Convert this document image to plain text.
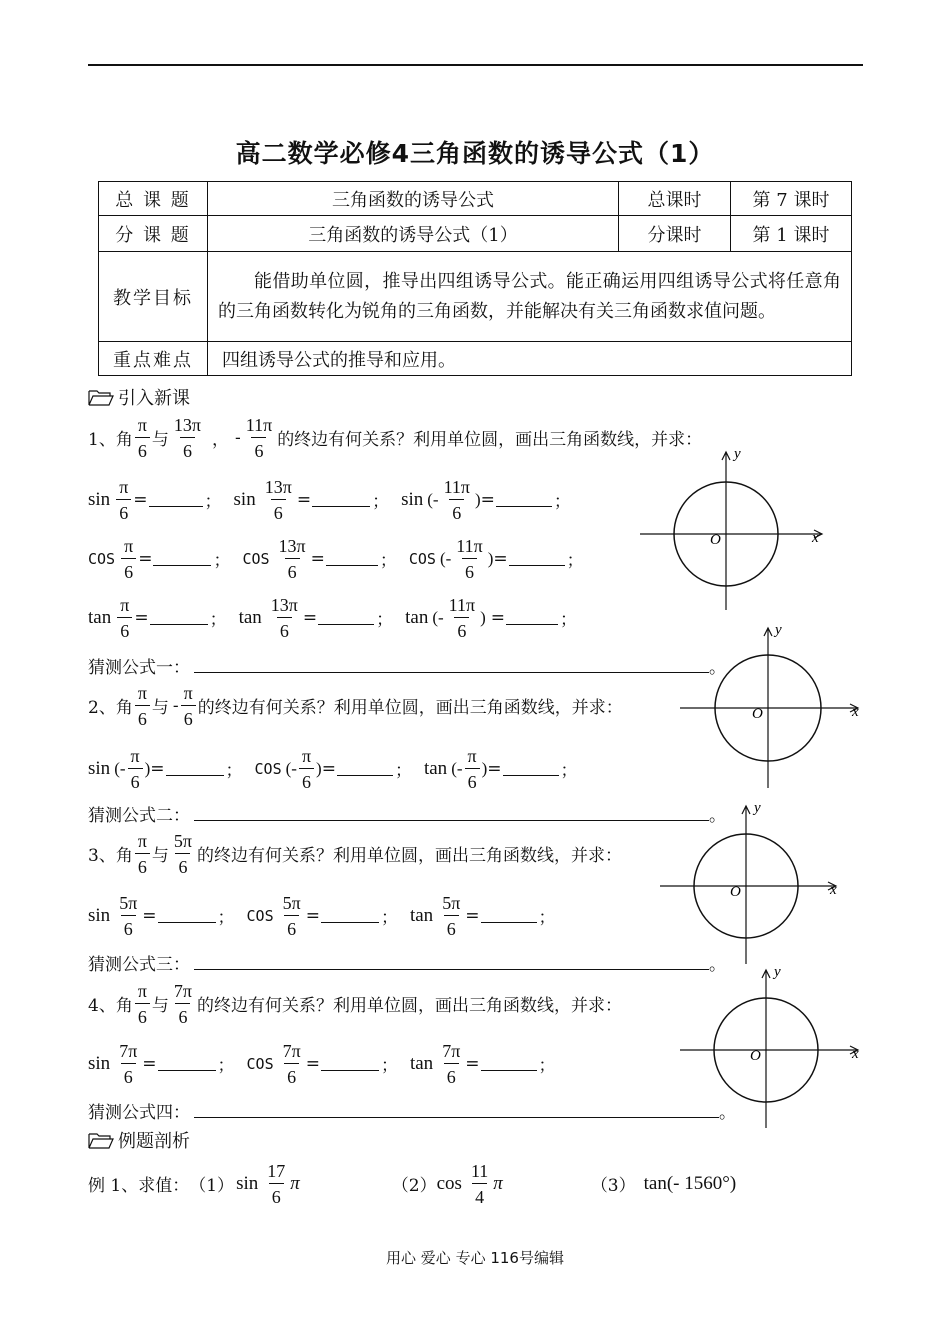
高二数学必修4三角函数的诱导公式（1）
总 课 题	三角函数的诱导公式	总课时	第 7 课时
分 课 题	三角函数的诱导公式（1）	分课时	第 1 课时
教学目标	能借助单位圆，推导出四组诱导公式。能正确运用四组诱导公式将任意角的三角函数转化为锐角的三角函数，并能解决有关三角函数求值问题。		
重点难点	四组诱导公式的推导和应用。		
引入新课
1、角 $\frac{\pi}{6}$ 与 $\frac{13\pi}{6}$ ， - $\frac{11\pi}{6}$ 的终边有何关系？利用单位圆，画出三角函数线，并求：
$\sin \frac{\pi}{6}$ =	； $\sin \frac{13\pi}{6}$ =	； sin (- $\frac{11\pi}{6}$ ) =	；
COS $\frac{\pi}{6}$ =	； COS $\frac{13\pi}{6}$ =	； COS (- $\frac{11\pi}{6}$ ) =	；
$\tan \frac{\pi}{6}$ =	； $\tan \frac{13\pi}{6}$ =	； tan (- $\frac{11\pi}{6}$ ) =	；
猜测公式一：	。
2、角 $\frac{\pi}{6}$ 与 - $\frac{\pi}{6}$ 的终边有何关系？利用单位圆，画出三角函数线，并求：
sin (- $\frac{\pi}{6}$ ) =	； COS (- $\frac{\pi}{6}$ ) =	； tan (- $\frac{\pi}{6}$ ) =	；
猜测公式二：	。
3、角 $\frac{\pi}{6}$ 与 $\frac{5\pi}{6}$ 的终边有何关系？利用单位圆，画出三角函数线，并求：
$\sin \frac{5\pi}{6}$ =	； COS $\frac{5\pi}{6}$ =	； $\tan \frac{5\pi}{6}$ =	；
猜测公式三：	。
4、角 $\frac{\pi}{6}$ 与 $\frac{7\pi}{6}$ 的终边有何关系？利用单位圆，画出三角函数线，并求：
$\sin \frac{7\pi}{6}$ =	； COS $\frac{7\pi}{6}$ =	； $\tan \frac{7\pi}{6}$ =	；
猜测公式四：	。
例题剖析
例 1、求值： （1） $\sin \frac{17}{6}$ π	（2） $\cos \frac{11}{4}$ π	（3） tan(- 1560°)
O	x
y
O	x
y
O	x
y
O	x
y
用心 爱心 专心 116号编辑
